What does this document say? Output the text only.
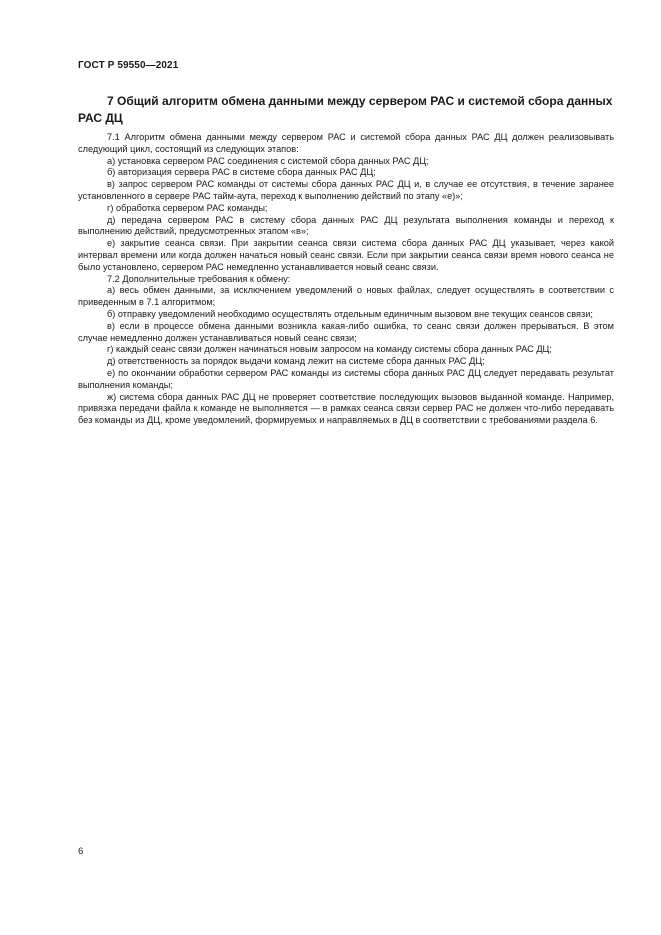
ГОСТ Р 59550—2021
7 Общий алгоритм обмена данными между сервером РАС и системой сбора данных РАС ДЦ

7.1 Алгоритм обмена данными между сервером РАС и системой сбора данных РАС ДЦ должен реализовывать следующий цикл, состоящий из следующих этапов:

а) установка сервером РАС соединения с системой сбора данных РАС ДЦ;

б) авторизация сервера РАС в системе сбора данных РАС ДЦ;

в) запрос сервером РАС команды от системы сбора данных РАС ДЦ и, в случае ее отсутствия, в течение заранее установленного в сервере РАС тайм-аута, переход к выполнению действий по этапу «е)»;

г) обработка сервером РАС команды;

д) передача сервером РАС в систему сбора данных РАС ДЦ результата выполнения команды и переход к выполнению действий, предусмотренных этапом «в»;

е) закрытие сеанса связи. При закрытии сеанса связи система сбора данных РАС ДЦ указывает, через какой интервал времени или когда должен начаться новый сеанс связи. Если при закрытии сеанса связи время нового сеанса не было установлено, сервером РАС немедленно устанавливается новый сеанс связи.

7.2 Дополнительные требования к обмену:

а) весь обмен данными, за исключением уведомлений о новых файлах, следует осуществлять в соответствии с приведенным в 7.1 алгоритмом;

б) отправку уведомлений необходимо осуществлять отдельным единичным вызовом вне текущих сеансов связи;

в) если в процессе обмена данными возникла какая-либо ошибка, то сеанс связи должен прерываться. В этом случае немедленно должен устанавливаться новый сеанс связи;

г) каждый сеанс связи должен начинаться новым запросом на команду системы сбора данных РАС ДЦ;

д) ответственность за порядок выдачи команд лежит на системе сбора данных РАС ДЦ;

е) по окончании обработки сервером РАС команды из системы сбора данных РАС ДЦ следует передавать результат выполнения команды;

ж) система сбора данных РАС ДЦ не проверяет соответствие последующих вызовов выданной команде. Например, привязка передачи файла к команде не выполняется — в рамках сеанса связи сервер РАС не должен что-либо передавать без команды из ДЦ, кроме уведомлений, формируемых и направляемых в ДЦ в соответствии с требованиями раздела 6.

6
